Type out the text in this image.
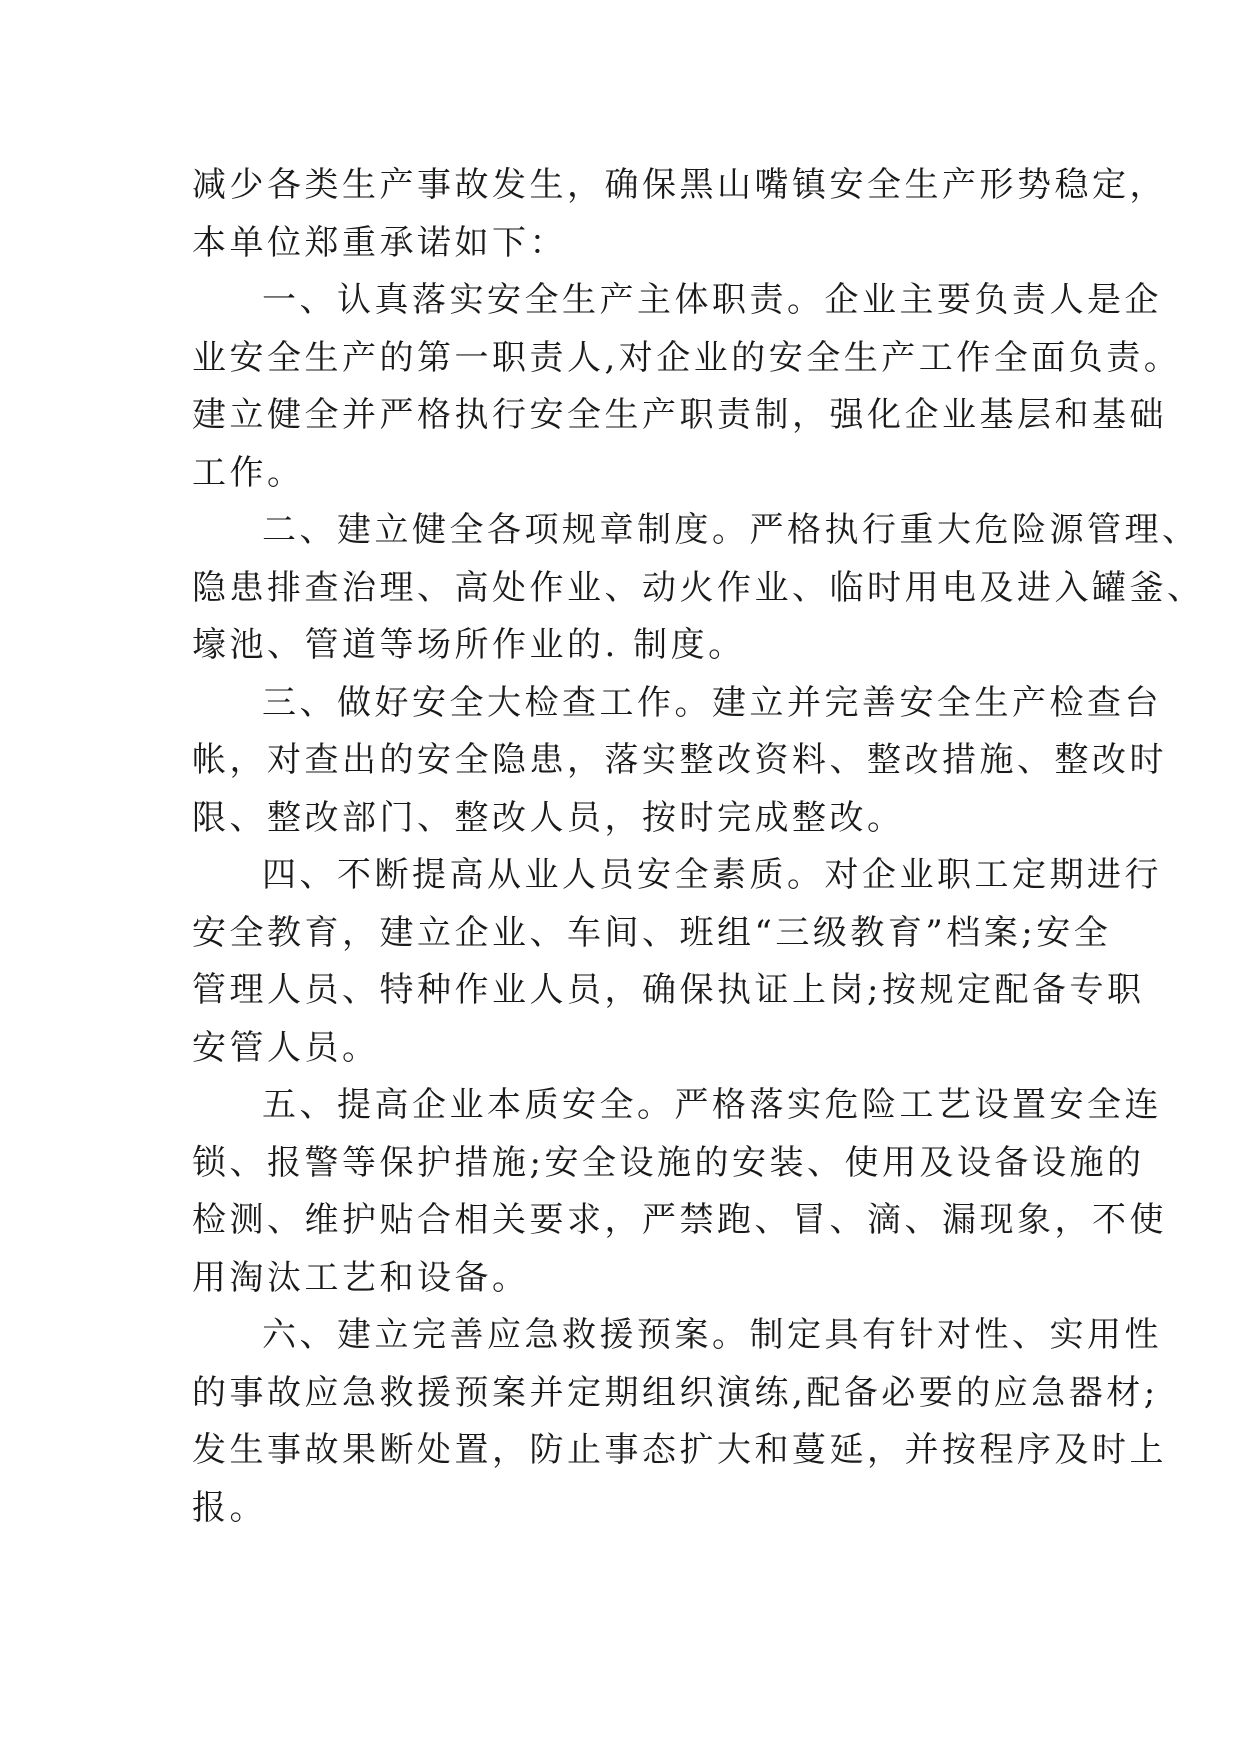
减少各类生产事故发生，确保黑山嘴镇安全生产形势稳定，

本单位郑重承诺如下：

一、认真落实安全生产主体职责。企业主要负责人是企

业安全生产的第一职责人,对企业的安全生产工作全面负责。

建立健全并严格执行安全生产职责制，强化企业基层和基础

工作。

二、建立健全各项规章制度。严格执行重大危险源管理、

隐患排查治理、高处作业、动火作业、临时用电及进入罐釜、

壕池、管道等场所作业的. 制度。

三、做好安全大检查工作。建立并完善安全生产检查台

帐，对查出的安全隐患，落实整改资料、整改措施、整改时

限、整改部门、整改人员，按时完成整改。

四、不断提高从业人员安全素质。对企业职工定期进行

安全教育，建立企业、车间、班组“三级教育”档案;安全

管理人员、特种作业人员，确保执证上岗;按规定配备专职

安管人员。

五、提高企业本质安全。严格落实危险工艺设置安全连

锁、报警等保护措施;安全设施的安装、使用及设备设施的

检测、维护贴合相关要求，严禁跑、冒、滴、漏现象，不使

用淘汰工艺和设备。

六、建立完善应急救援预案。制定具有针对性、实用性

的事故应急救援预案并定期组织演练,配备必要的应急器材;

发生事故果断处置，防止事态扩大和蔓延，并按程序及时上

报。
